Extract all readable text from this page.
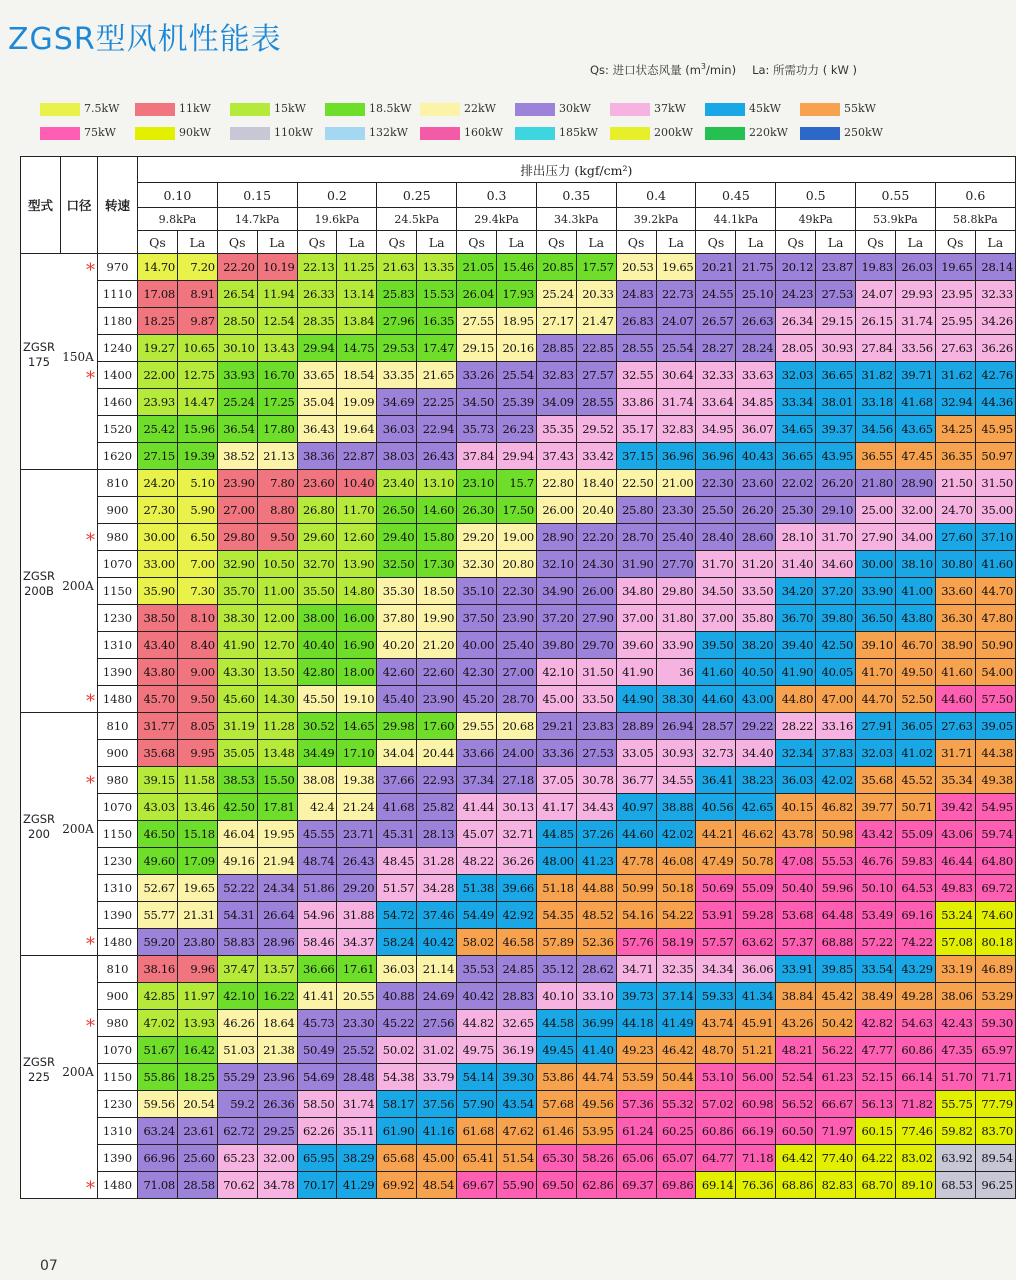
ZGSR型风机性能表
Qs: 进口状态风量 $(m^3/\min)$ La: 所需功力 ( kW )
7.5kW	11kW	15kW	18.5kW	22kW	30kW	37kW	45kW	55kW
75kW	90kW	110kW	132kW	160kW	185kW	200kW	220kW	250kW
型式	口径	转速	排出压力 (kgf/cm²)																					
			0.10		0.15		0.2		0.25		0.3		0.35		0.4		0.45		0.5		0.55		0.6	
			9.8kPa		14.7kPa		19.6kPa		24.5kPa		29.4kPa		34.3kPa		39.2kPa		44.1kPa		49kPa		53.9kPa		58.8kPa	
			Qs	La	Qs	La	Qs	La	Qs	La	Qs	La	Qs	La	Qs	La	Qs	La	Qs	La	Qs	La	Qs	La

ZGSR
175 150A
*
*		970	14.70	7.20	22.20	10.19	22.13	11.25	21.63	13.35	21.05	15.46	20.85	17.57	20.53	19.65	20.21	21.75	20.12	23.87	19.83	26.03	19.65	28.14
		1110	17.08	8.91	26.54	11.94	26.33	13.14	25.83	15.53	26.04	17.93	25.24	20.33	24.83	22.73	24.55	25.10	24.23	27.53	24.07	29.93	23.95	32.33
		1180	18.25	9.87	28.50	12.54	28.35	13.84	27.96	16.35	27.55	18.95	27.17	21.47	26.83	24.07	26.57	26.63	26.34	29.15	26.15	31.74	25.95	34.26
		1240	19.27	10.65	30.10	13.43	29.94	14.75	29.53	17.47	29.15	20.16	28.85	22.85	28.55	25.54	28.27	28.24	28.05	30.93	27.84	33.56	27.63	36.26
		1400	22.00	12.75	33.93	16.70	33.65	18.54	33.35	21.65	33.26	25.54	32.83	27.57	32.55	30.64	32.33	33.63	32.03	36.65	31.82	39.71	31.62	42.76
		1460	23.93	14.47	25.24	17.25	35.04	19.09	34.69	22.25	34.50	25.39	34.09	28.55	33.86	31.74	33.64	34.85	33.34	38.01	33.18	41.68	32.94	44.36
		1520	25.42	15.96	36.54	17.80	36.43	19.64	36.03	22.94	35.73	26.23	35.35	29.52	35.17	32.83	34.95	36.07	34.65	39.37	34.56	43.65	34.25	45.95
		1620	27.15	19.39	38.52	21.13	38.36	22.87	38.03	26.43	37.84	29.94	37.43	33.42	37.15	36.96	36.96	40.43	36.65	43.95	36.55	47.45	36.35	50.97

ZGSR
200B 200A
*
*		810	24.20	5.10	23.90	7.80	23.60	10.40	23.40	13.10	23.10	15.7	22.80	18.40	22.50	21.00	22.30	23.60	22.02	26.20	21.80	28.90	21.50	31.50
		900	27.30	5.90	27.00	8.80	26.80	11.70	26.50	14.60	26.30	17.50	26.00	20.40	25.80	23.30	25.50	26.20	25.30	29.10	25.00	32.00	24.70	35.00
		980	30.00	6.50	29.80	9.50	29.60	12.60	29.40	15.80	29.20	19.00	28.90	22.20	28.70	25.40	28.40	28.60	28.10	31.70	27.90	34.00	27.60	37.10
		1070	33.00	7.00	32.90	10.50	32.70	13.90	32.50	17.30	32.30	20.80	32.10	24.30	31.90	27.70	31.70	31.20	31.40	34.60	30.00	38.10	30.80	41.60
		1150	35.90	7.30	35.70	11.00	35.50	14.80	35.30	18.50	35.10	22.30	34.90	26.00	34.80	29.80	34.50	33.50	34.20	37.20	33.90	41.00	33.60	44.70
		1230	38.50	8.10	38.30	12.00	38.00	16.00	37.80	19.90	37.50	23.90	37.20	27.90	37.00	31.80	37.00	35.80	36.70	39.80	36.50	43.80	36.30	47.80
		1310	43.40	8.40	41.90	12.70	40.40	16.90	40.20	21.20	40.00	25.40	39.80	29.70	39.60	33.90	39.50	38.20	39.40	42.50	39.10	46.70	38.90	50.90
		1390	43.80	9.00	43.30	13.50	42.80	18.00	42.60	22.60	42.30	27.00	42.10	31.50	41.90	36	41.60	40.50	41.90	40.05	41.70	49.50	41.60	54.00
		1480	45.70	9.50	45.60	14.30	45.50	19.10	45.40	23.90	45.20	28.70	45.00	33.50	44.90	38.30	44.60	43.00	44.80	47.00	44.70	52.50	44.60	57.50

ZGSR
200 200A
*
*		810	31.77	8.05	31.19	11.28	30.52	14.65	29.98	17.60	29.55	20.68	29.21	23.83	28.89	26.94	28.57	29.22	28.22	33.16	27.91	36.05	27.63	39.05
		900	35.68	9.95	35.05	13.48	34.49	17.10	34.04	20.44	33.66	24.00	33.36	27.53	33.05	30.93	32.73	34.40	32.34	37.83	32.03	41.02	31.71	44.38
		980	39.15	11.58	38.53	15.50	38.08	19.38	37.66	22.93	37.34	27.18	37.05	30.78	36.77	34.55	36.41	38.23	36.03	42.02	35.68	45.52	35.34	49.38
		1070	43.03	13.46	42.50	17.81	42.4	21.24	41.68	25.82	41.44	30.13	41.17	34.43	40.97	38.88	40.56	42.65	40.15	46.82	39.77	50.71	39.42	54.95
		1150	46.50	15.18	46.04	19.95	45.55	23.71	45.31	28.13	45.07	32.71	44.85	37.26	44.60	42.02	44.21	46.62	43.78	50.98	43.42	55.09	43.06	59.74
		1230	49.60	17.09	49.16	21.94	48.74	26.43	48.45	31.28	48.22	36.26	48.00	41.23	47.78	46.08	47.49	50.78	47.08	55.53	46.76	59.83	46.44	64.80
		1310	52.67	19.65	52.22	24.34	51.86	29.20	51.57	34.28	51.38	39.66	51.18	44.88	50.99	50.18	50.69	55.09	50.40	59.96	50.10	64.53	49.83	69.72
		1390	55.77	21.31	54.31	26.64	54.96	31.88	54.72	37.46	54.49	42.92	54.35	48.52	54.16	54.22	53.91	59.28	53.68	64.48	53.49	69.16	53.24	74.60
		1480	59.20	23.80	58.83	28.96	58.46	34.37	58.24	40.42	58.02	46.58	57.89	52.36	57.76	58.19	57.57	63.62	57.37	68.88	57.22	74.22	57.08	80.18

ZGSR
225 200A
*
*		810	38.16	9.96	37.47	13.57	36.66	17.61	36.03	21.14	35.53	24.85	35.12	28.62	34.71	32.35	34.34	36.06	33.91	39.85	33.54	43.29	33.19	46.89
		900	42.85	11.97	42.10	16.22	41.41	20.55	40.88	24.69	40.42	28.83	40.10	33.10	39.73	37.14	59.33	41.34	38.84	45.42	38.49	49.28	38.06	53.29
		980	47.02	13.93	46.26	18.64	45.73	23.30	45.22	27.56	44.82	32.65	44.58	36.99	44.18	41.49	43.74	45.91	43.26	50.42	42.82	54.63	42.43	59.30
		1070	51.67	16.42	51.03	21.38	50.49	25.52	50.02	31.02	49.75	36.19	49.45	41.40	49.23	46.42	48.70	51.21	48.21	56.22	47.77	60.86	47.35	65.97
		1150	55.86	18.25	55.29	23.96	54.69	28.48	54.38	33.79	54.14	39.30	53.86	44.74	53.59	50.44	53.10	56.00	52.54	61.23	52.15	66.14	51.70	71.71
		1230	59.56	20.54	59.2	26.36	58.50	31.74	58.17	37.56	57.90	43.54	57.68	49.56	57.36	55.32	57.02	60.98	56.52	66.67	56.13	71.82	55.75	77.79
		1310	63.24	23.61	62.72	29.25	62.26	35.11	61.90	41.16	61.68	47.62	61.46	53.95	61.24	60.25	60.86	66.19	60.50	71.97	60.15	77.46	59.82	83.70
		1390	66.96	25.60	65.23	32.00	65.95	38.29	65.68	45.00	65.41	51.54	65.30	58.26	65.06	65.07	64.77	71.18	64.42	77.40	64.22	83.02	63.92	89.54
		1480	71.08	28.58	70.62	34.78	70.17	41.29	69.92	48.54	69.67	55.90	69.50	62.86	69.37	69.86	69.14	76.36	68.86	82.83	68.70	89.10	68.53	96.25
07
